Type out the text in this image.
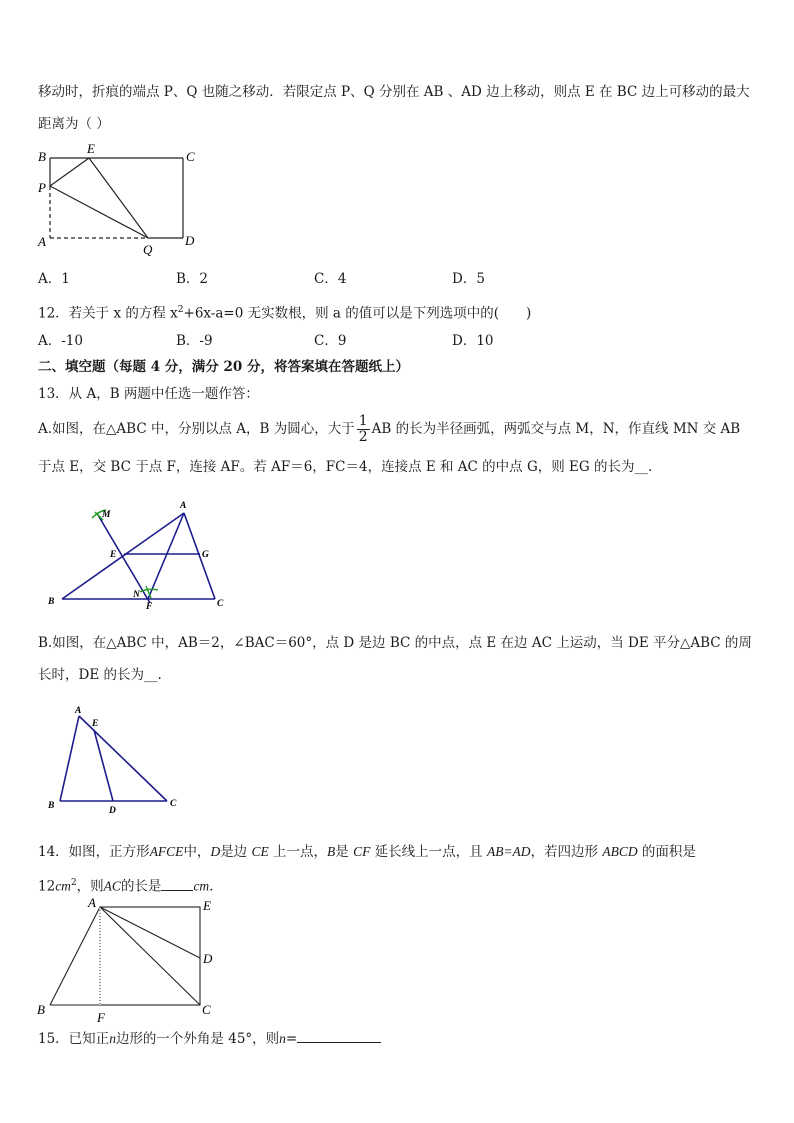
移动时，折痕的端点 P、Q 也随之移动．若限定点 P、Q 分别在 AB 、AD 边上移动，则点 E 在 BC 边上可移动的最大
距离为（ ）
B
E
C
P
A
Q
D
A．1	B．2	C．4	D．5
12．若关于 x 的方程 $x^2+6x-a=0$ 无实数根，则 a 的值可以是下列选项中的(　　)
A．-10	B．-9	C．9	D．10
二、填空题（每题 4 分，满分 20 分，将答案填在答题纸上）
13．从 A，B 两题中任选一题作答：
A.如图，在△ABC 中，分别以点 A，B 为圆心，大于 $\frac{1}{2}$ AB 的长为半径画弧，两弧交与点 M，N，作直线 MN 交 AB
于点 E，交 BC 于点 F，连接 AF。若 AF＝6，FC＝4，连接点 E 和 AC 的中点 G，则 EG 的长为__.
M
A
E	G
N
F
B	C
B.如图，在△ABC 中，AB＝2，∠BAC＝60°，点 D 是边 BC 的中点，点 E 在边 AC 上运动，当 DE 平分△ABC 的周
长时，DE 的长为__.
A
E
B	D
C
14．如图，正方形AFCE中，D是边 CE 上一点，B是 CF 延长线上一点，且 AB=AD，若四边形 ABCD 的面积是
$12cm^2$，则AC的长是 cm．
A	E
D
B
F
C
15．已知正n边形的一个外角是 45°，则n=
